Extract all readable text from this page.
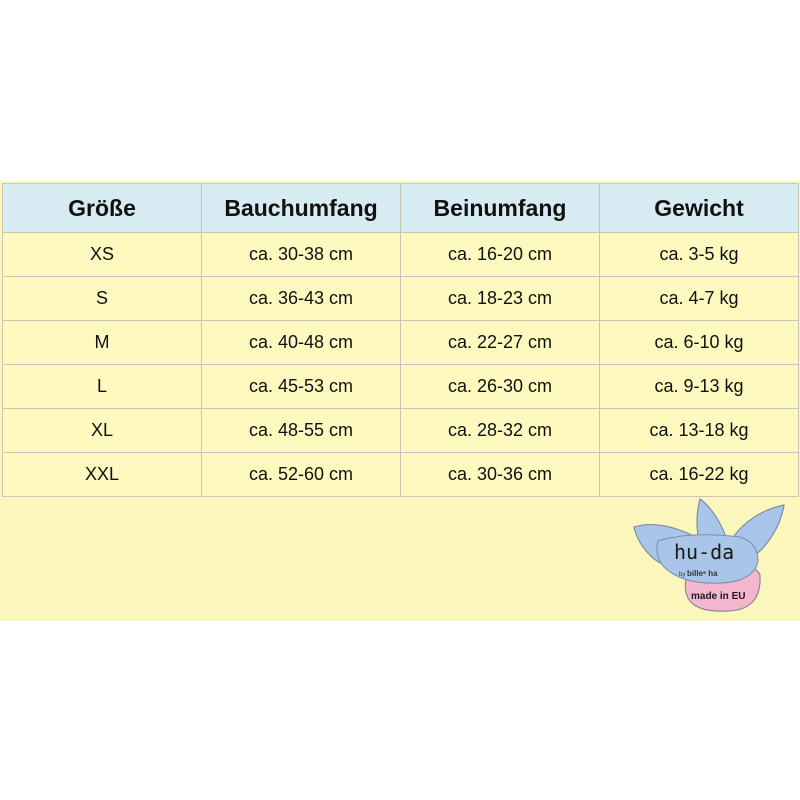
Größe	Bauchumfang	Beinumfang	Gewicht
XS	ca. 30-38 cm	ca. 16-20 cm	ca. 3-5 kg
S	ca. 36-43 cm	ca. 18-23 cm	ca. 4-7 kg
M	ca. 40-48 cm	ca. 22-27 cm	ca. 6-10 kg
L	ca. 45-53 cm	ca. 26-30 cm	ca. 9-13 kg
XL	ca. 48-55 cm	ca. 28-32 cm	ca. 13-18 kg
XXL	ca. 52-60 cm	ca. 30-36 cm	ca. 16-22 kg
hu-da
by billeˢ ha
made in EU
